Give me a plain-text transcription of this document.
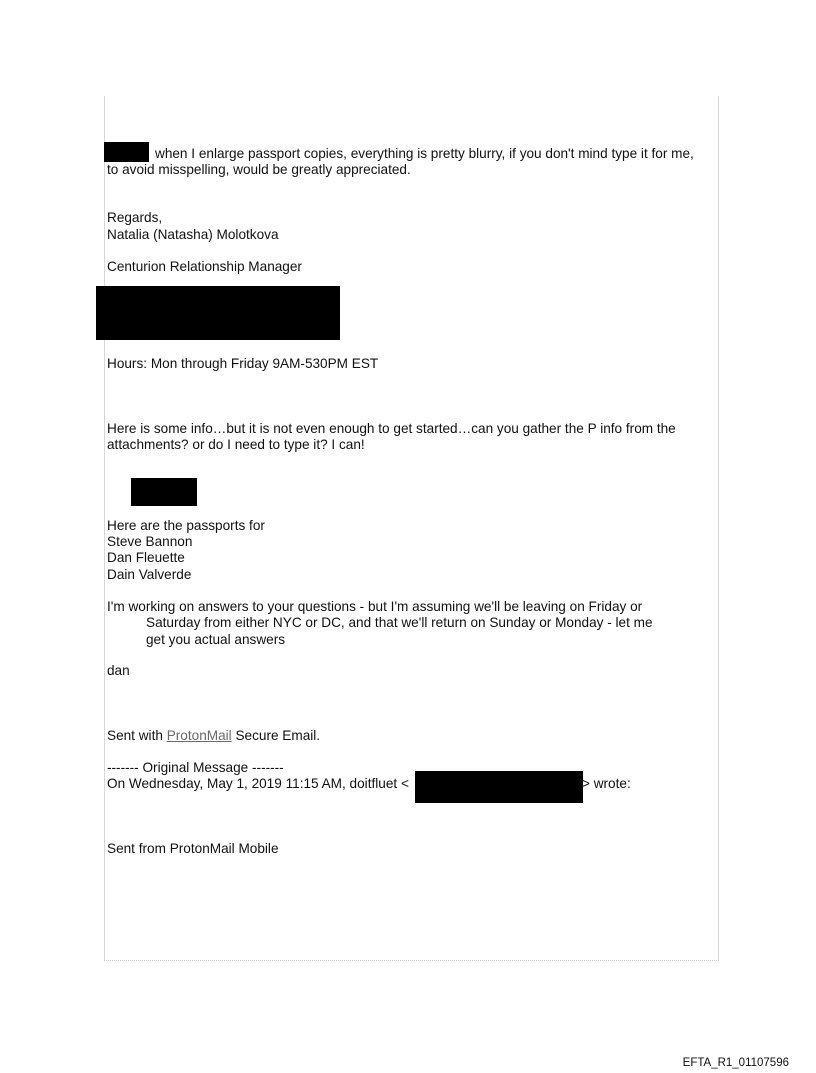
when I enlarge passport copies, everything is pretty blurry, if you don't mind type it for me,

to avoid misspelling, would be greatly appreciated.

Regards,

Natalia (Natasha) Molotkova

Centurion Relationship Manager

Hours: Mon through Friday 9AM-530PM EST

Here is some info…but it is not even enough to get started…can you gather the P info from the

attachments? or do I need to type it? I can!

Here are the passports for

Steve Bannon

Dan Fleuette

Dain Valverde

I'm working on answers to your questions - but I'm assuming we'll be leaving on Friday or

Saturday from either NYC or DC, and that we'll return on Sunday or Monday - let me

get you actual answers

dan

Sent with ProtonMail Secure Email.

------- Original Message -------

On Wednesday, May 1, 2019 11:15 AM, doitfluet <	> wrote:

Sent from ProtonMail Mobile

EFTA_R1_01107596
